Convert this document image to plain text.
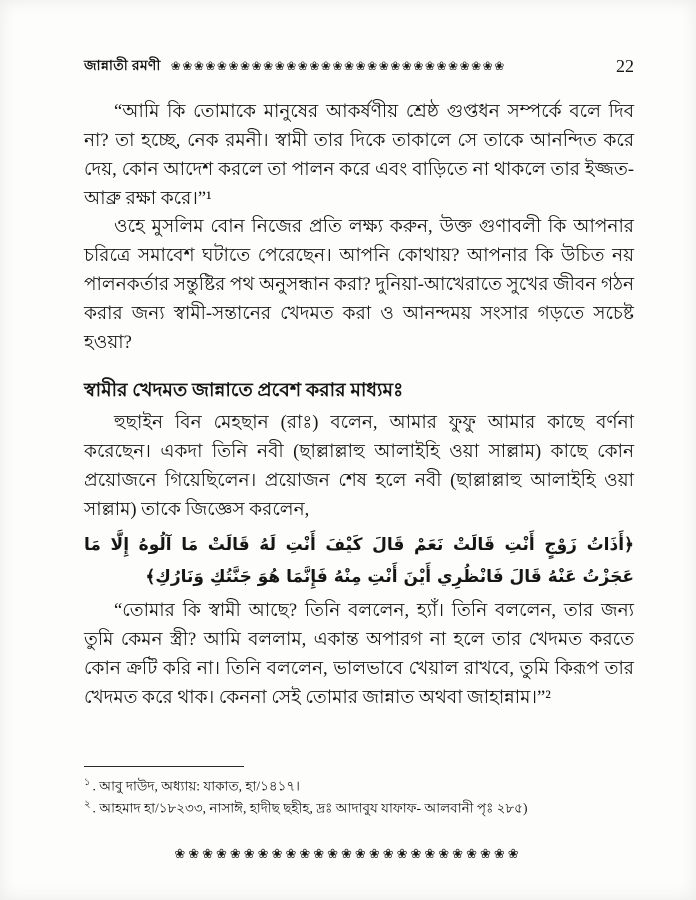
জান্নাতী রমণী ❀❀❀❀❀❀❀❀❀❀❀❀❀❀❀❀❀❀❀❀❀❀❀❀❀❀❀❀❀	22

“আমি কি তোমাকে মানুষের আকর্ষণীয় শ্রেষ্ঠ গুপ্তধন সম্পর্কে বলে দিব না? তা হচ্ছে, নেক রমনী। স্বামী তার দিকে তাকালে সে তাকে আনন্দিত করে দেয়, কোন আদেশ করলে তা পালন করে এবং বাড়িতে না থাকলে তার ইজ্জত-আব্রু রক্ষা করে।”¹

ওহে মুসলিম বোন নিজের প্রতি লক্ষ্য করুন, উক্ত গুণাবলী কি আপনার চরিত্রে সমাবেশ ঘটাতে পেরেছেন। আপনি কোথায়? আপনার কি উচিত নয় পালনকর্তার সন্তুষ্টির পথ অনুসন্ধান করা? দুনিয়া-আখেরাতে সুখের জীবন গঠন করার জন্য স্বামী-সন্তানের খেদমত করা ও আনন্দময় সংসার গড়তে সচেষ্ট হওয়া?

স্বামীর খেদমত জান্নাতে প্রবেশ করার মাধ্যমঃ

হুছাইন বিন মেহছান (রাঃ) বলেন, আমার ফুফু আমার কাছে বর্ণনা করেছেন। একদা তিনি নবী (ছাল্লাল্লাহু আলাইহি ওয়া সাল্লাম) কাছে কোন প্রয়োজনে গিয়েছিলেন। প্রয়োজন শেষ হলে নবী (ছাল্লাল্লাহু আলাইহি ওয়া সাল্লাম) তাকে জিজ্ঞেস করলেন,

﴿أَذَاتُ زَوْجٍ أَنْتِ قَالَتْ نَعَمْ قَالَ كَيْفَ أَنْتِ لَهُ قَالَتْ مَا آلُوهُ إِلَّا مَا عَجَزْتُ عَنْهُ قَالَ فَانْظُرِي أَيْنَ أَنْتِ مِنْهُ فَإِنَّمَا هُوَ جَنَّتُكِ وَنَارُكِ﴾

“তোমার কি স্বামী আছে? তিনি বললেন, হ্যাঁ। তিনি বললেন, তার জন্য তুমি কেমন স্ত্রী? আমি বললাম, একান্ত অপারগ না হলে তার খেদমত করতে কোন ক্রটি করি না। তিনি বললেন, ভালভাবে খেয়াল রাখবে, তুমি কিরূপ তার খেদমত করে থাক। কেননা সেই তোমার জান্নাত অথবা জাহান্নাম।”²

$^১$ . আবু দাউদ, অধ্যায়: যাকাত, হা/১৪১৭।

$^২$ . আহমাদ হা/১৮২৩৩, নাসাঈ, হাদীছ ছহীহ, দ্রঃ আদাবুয যাফাফ- আলবানী পৃঃ ২৮৫)

❀❀❀❀❀❀❀❀❀❀❀❀❀❀❀❀❀❀❀❀❀❀❀❀❀
